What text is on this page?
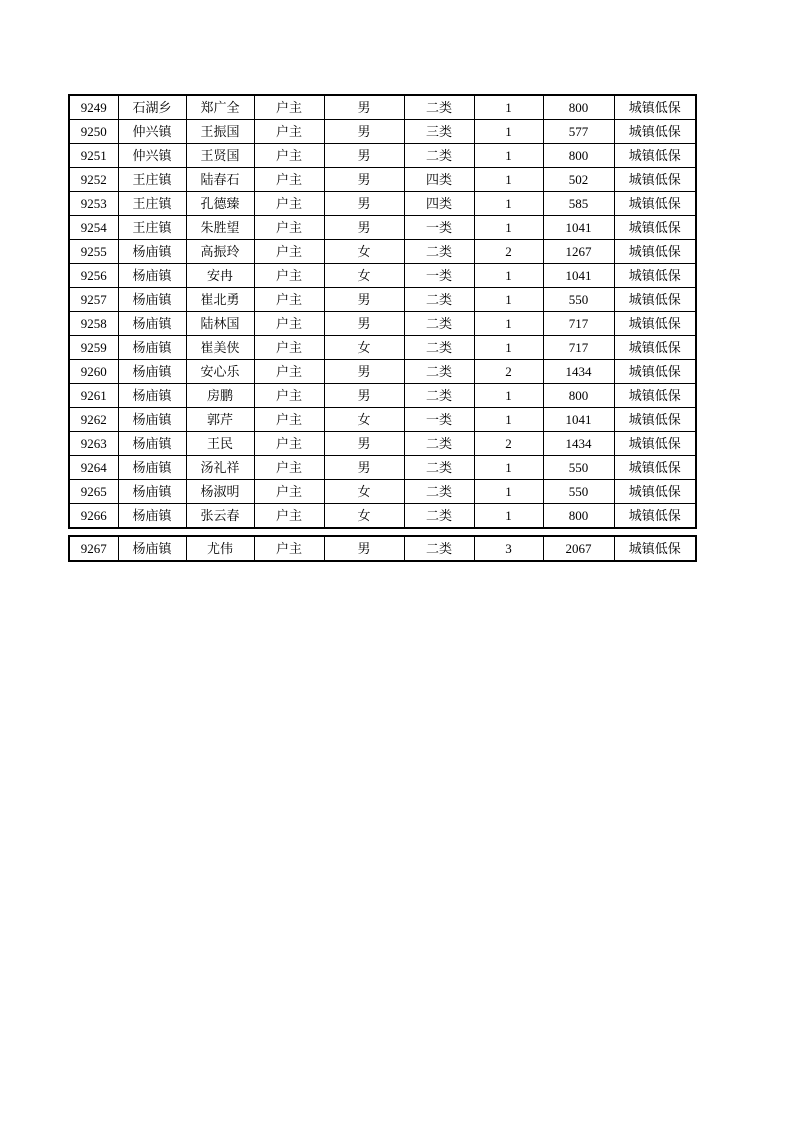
9249	石湖乡	郑广全	户主	男	二类	1	800	城镇低保
9250	仲兴镇	王振国	户主	男	三类	1	577	城镇低保
9251	仲兴镇	王贤国	户主	男	二类	1	800	城镇低保
9252	王庄镇	陆春石	户主	男	四类	1	502	城镇低保
9253	王庄镇	孔德臻	户主	男	四类	1	585	城镇低保
9254	王庄镇	朱胜望	户主	男	一类	1	1041	城镇低保
9255	杨庙镇	高振玲	户主	女	二类	2	1267	城镇低保
9256	杨庙镇	安冉	户主	女	一类	1	1041	城镇低保
9257	杨庙镇	崔北勇	户主	男	二类	1	550	城镇低保
9258	杨庙镇	陆林国	户主	男	二类	1	717	城镇低保
9259	杨庙镇	崔美侠	户主	女	二类	1	717	城镇低保
9260	杨庙镇	安心乐	户主	男	二类	2	1434	城镇低保
9261	杨庙镇	房鹏	户主	男	二类	1	800	城镇低保
9262	杨庙镇	郭芹	户主	女	一类	1	1041	城镇低保
9263	杨庙镇	王民	户主	男	二类	2	1434	城镇低保
9264	杨庙镇	汤礼祥	户主	男	二类	1	550	城镇低保
9265	杨庙镇	杨淑明	户主	女	二类	1	550	城镇低保
9266	杨庙镇	张云春	户主	女	二类	1	800	城镇低保
9267	杨庙镇	尤伟	户主	男	二类	3	2067	城镇低保
